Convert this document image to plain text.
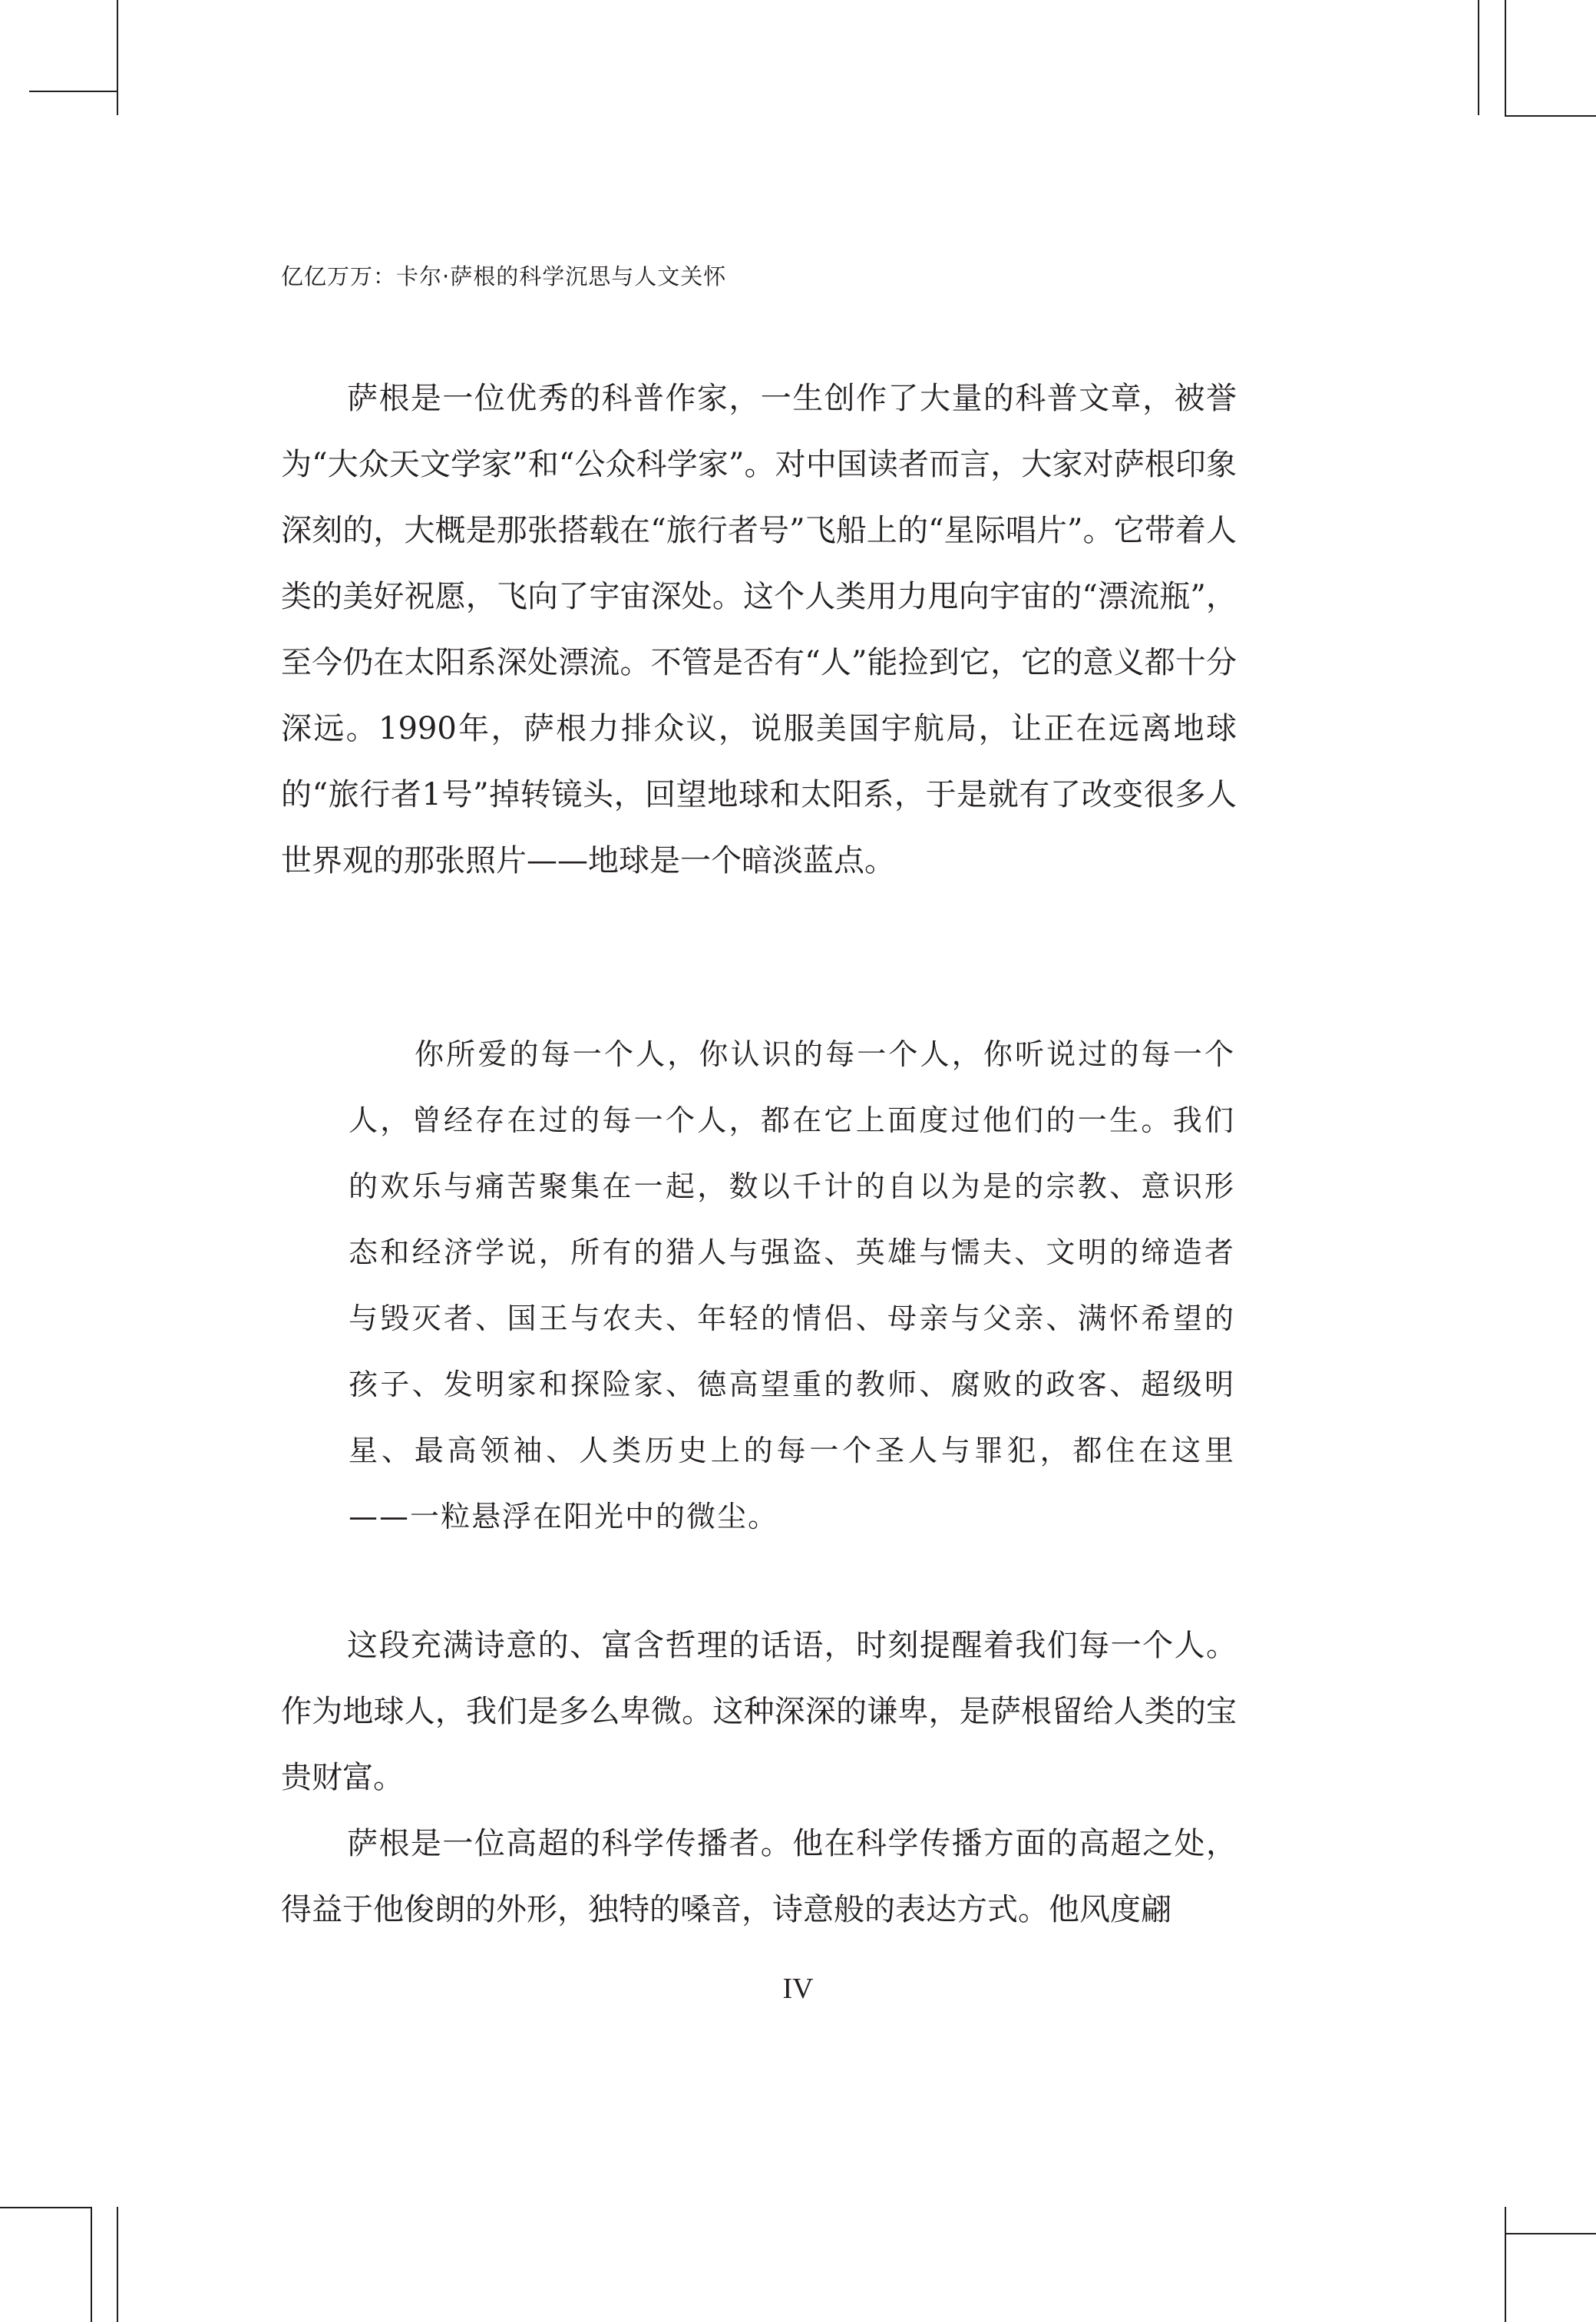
亿亿万万：卡尔·萨根的科学沉思与人文关怀

萨根是一位优秀的科普作家，一生创作了大量的科普文章，被誉为“大众天文学家”和“公众科学家”。对中国读者而言，大家对萨根印象深刻的，大概是那张搭载在“旅行者号”飞船上的“星际唱片”。它带着人类的美好祝愿，飞向了宇宙深处。这个人类用力甩向宇宙的“漂流瓶”，至今仍在太阳系深处漂流。不管是否有“人”能捡到它，它的意义都十分深远。1990年，萨根力排众议，说服美国宇航局，让正在远离地球的“旅行者1号”掉转镜头，回望地球和太阳系，于是就有了改变很多人世界观的那张照片——地球是一个暗淡蓝点。

你所爱的每一个人，你认识的每一个人，你听说过的每一个人，曾经存在过的每一个人，都在它上面度过他们的一生。我们的欢乐与痛苦聚集在一起，数以千计的自以为是的宗教、意识形态和经济学说，所有的猎人与强盗、英雄与懦夫、文明的缔造者与毁灭者、国王与农夫、年轻的情侣、母亲与父亲、满怀希望的孩子、发明家和探险家、德高望重的教师、腐败的政客、超级明星、最高领袖、人类历史上的每一个圣人与罪犯，都住在这里——一粒悬浮在阳光中的微尘。

这段充满诗意的、富含哲理的话语，时刻提醒着我们每一个人。作为地球人，我们是多么卑微。这种深深的谦卑，是萨根留给人类的宝贵财富。

萨根是一位高超的科学传播者。他在科学传播方面的高超之处，得益于他俊朗的外形，独特的嗓音，诗意般的表达方式。他风度翩

IV
